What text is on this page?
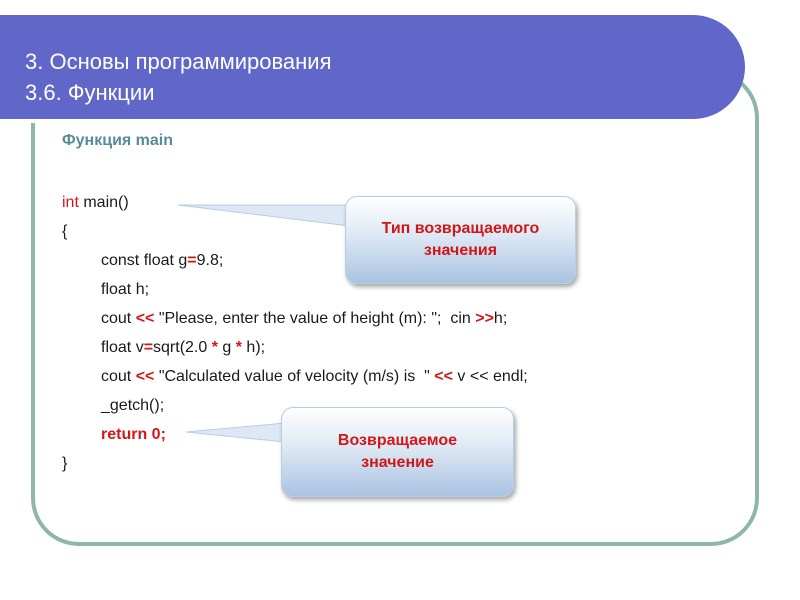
3. Основы программирования
3.6. Функции
Функция main
int main()
{
const float g=9.8;
float h;
cout << "Please, enter the value of height (m): ";  cin >>h;
float v=sqrt(2.0 * g * h);
cout << "Calculated value of velocity (m/s) is  " << v << endl;
_getch();
return 0;
}
Тип возвращаемого
значения
Возвращаемое
значение
